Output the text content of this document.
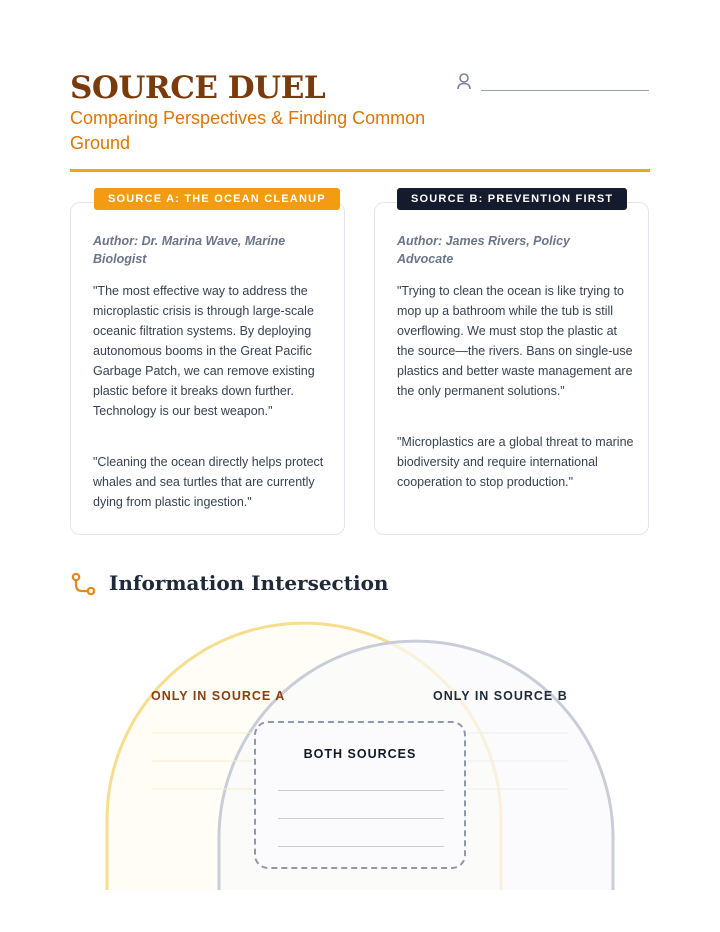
SOURCE DUEL
Comparing Perspectives & Finding Common Ground
Author: Dr. Marina Wave, Marine Biologist
"The most effective way to address the microplastic crisis is through large-scale oceanic filtration systems. By deploying autonomous booms in the Great Pacific Garbage Patch, we can remove existing plastic before it breaks down further. Technology is our best weapon."
"Cleaning the ocean directly helps protect whales and sea turtles that are currently dying from plastic ingestion."
SOURCE A: THE OCEAN CLEANUP
Author: James Rivers, Policy Advocate
"Trying to clean the ocean is like trying to mop up a bathroom while the tub is still overflowing. We must stop the plastic at the source—the rivers. Bans on single-use plastics and better waste management are the only permanent solutions."
"Microplastics are a global threat to marine biodiversity and require international cooperation to stop production."
SOURCE B: PREVENTION FIRST
Information Intersection
ONLY IN SOURCE A	ONLY IN SOURCE B
BOTH SOURCES
